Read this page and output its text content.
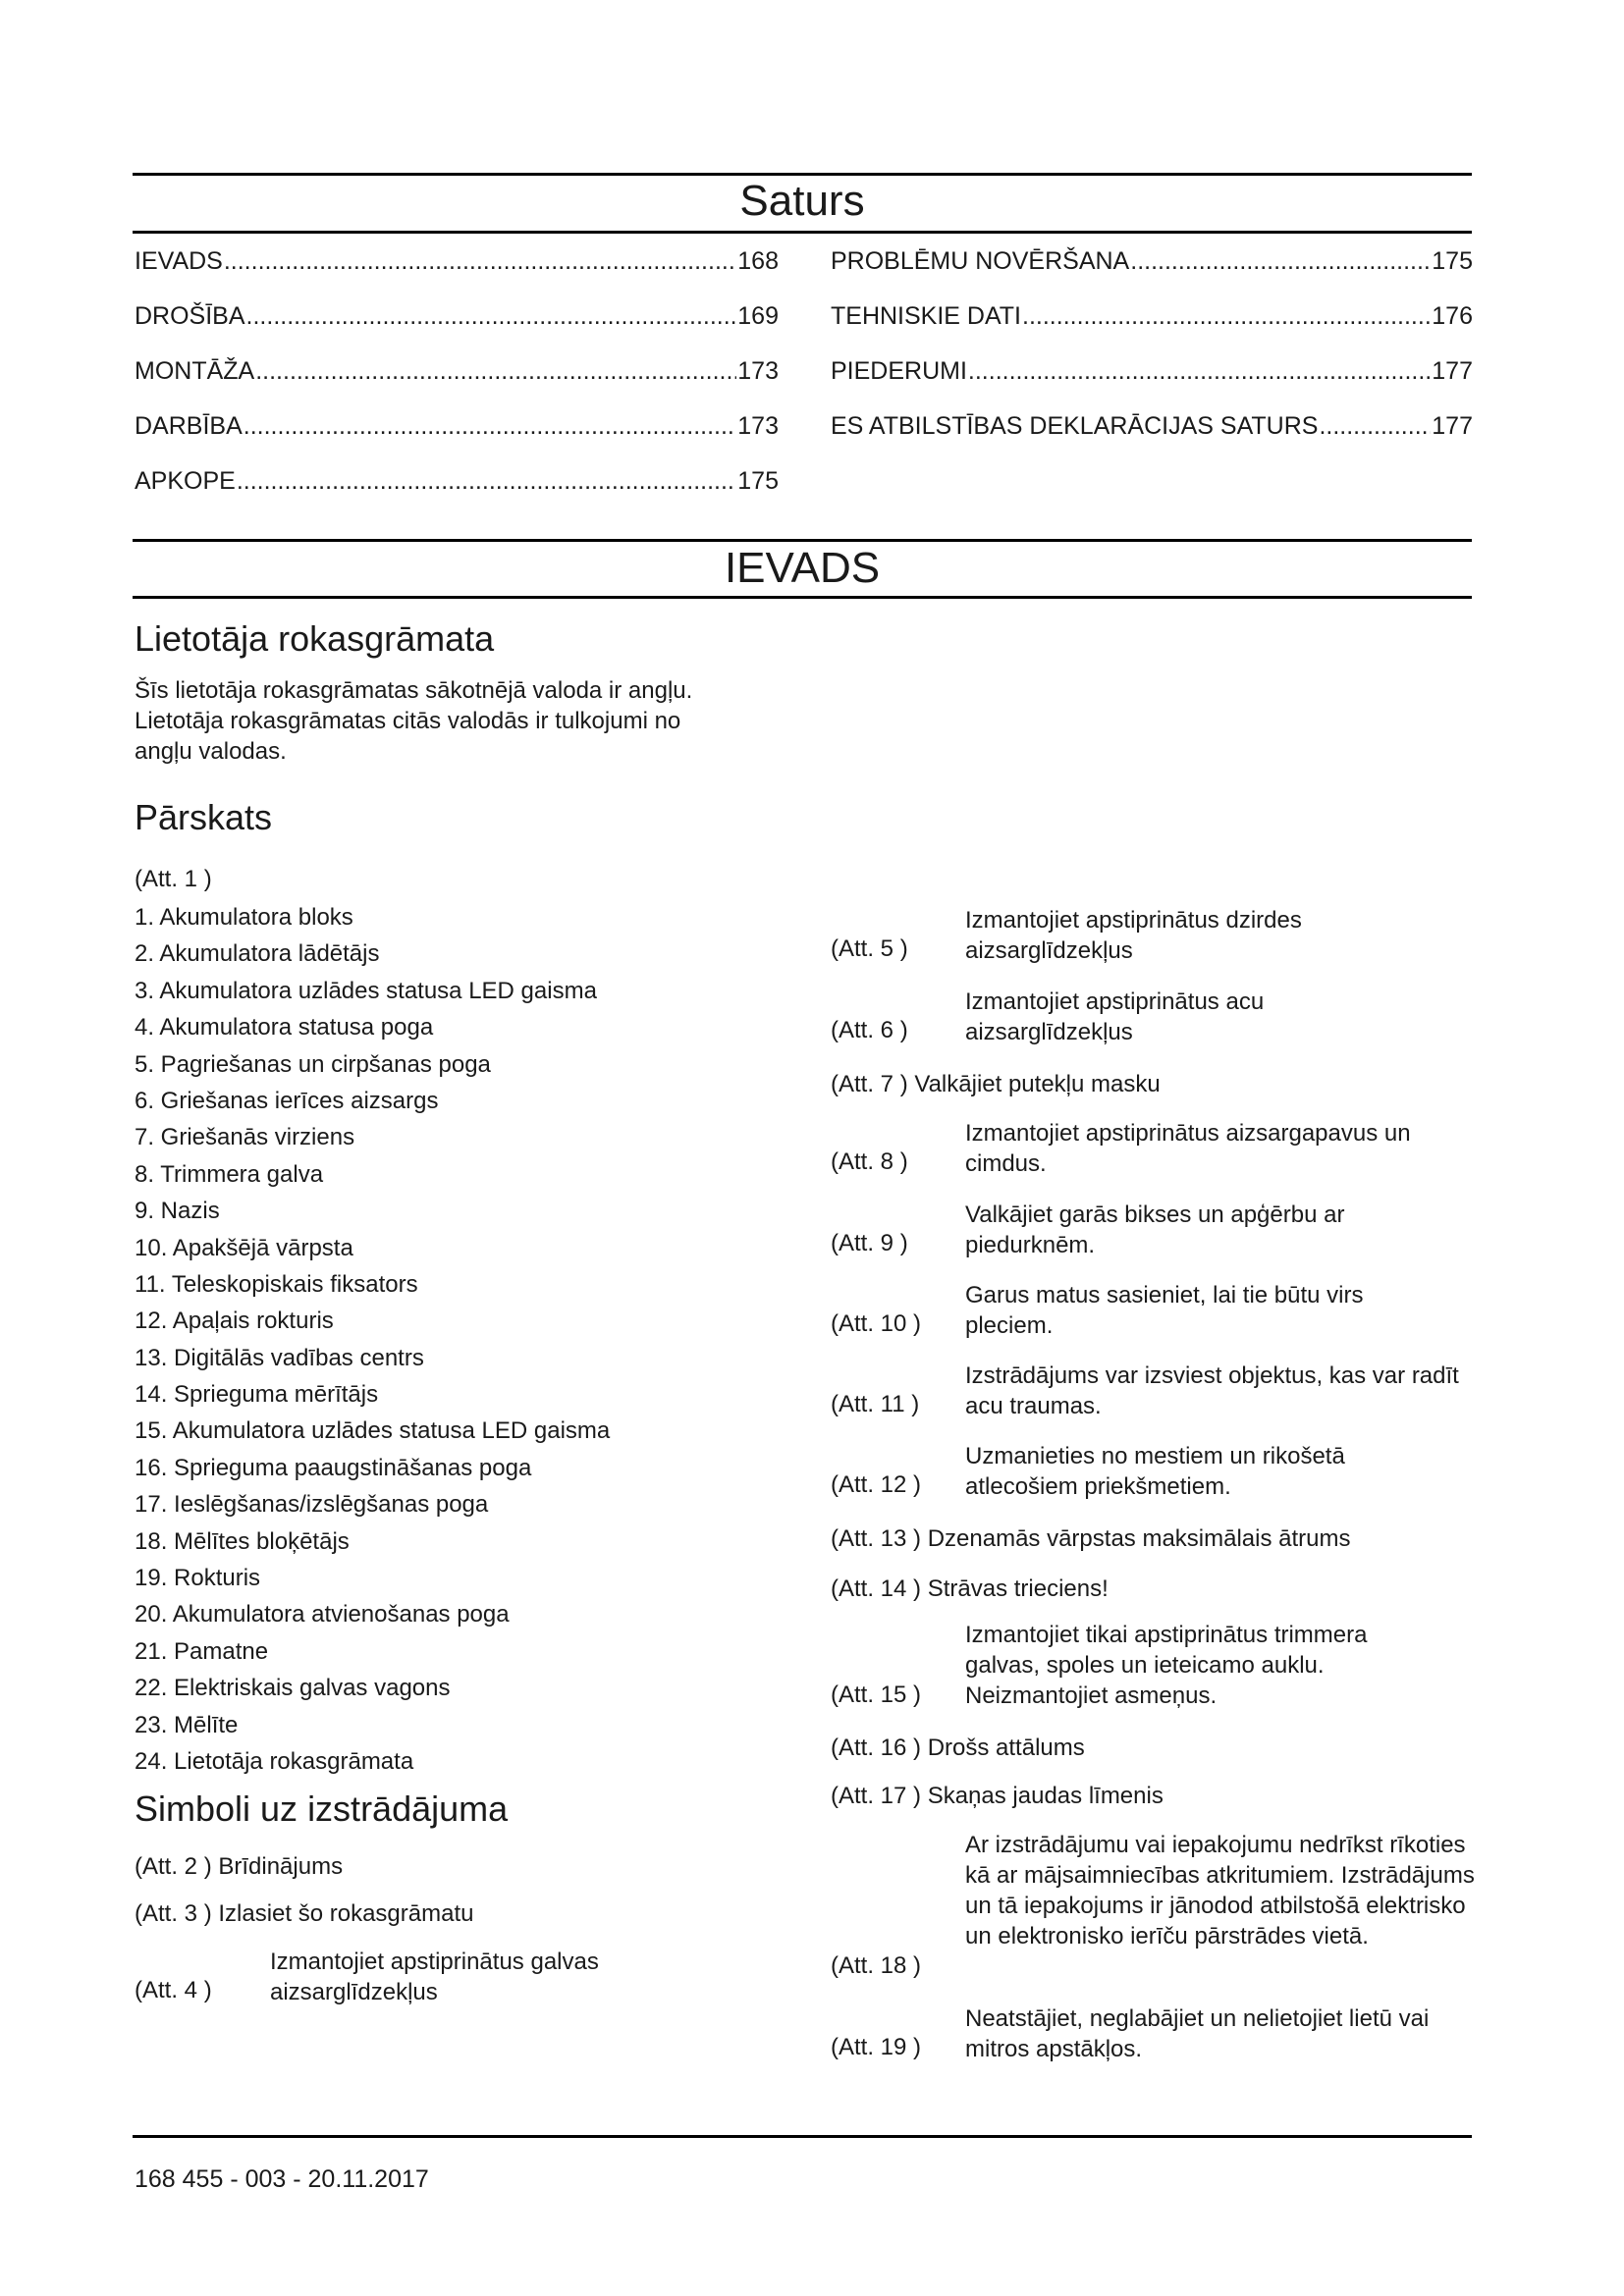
Saturs
IEVADS .....	168
DROŠĪBA .....	169
MONTĀŽA .....	173
DARBĪBA .....	173
APKOPE .....	175
PROBLĒMU NOVĒRŠANA .....	175
TEHNISKIE DATI .....	176
PIEDERUMI .....	177
ES ATBILSTĪBAS DEKLARĀCIJAS SATURS .....	177
IEVADS
Lietotāja rokasgrāmata
Šīs lietotāja rokasgrāmatas sākotnējā valoda ir angļu.
Lietotāja rokasgrāmatas citās valodās ir tulkojumi no
angļu valodas.
Pārskats
(Att. 1 )
1. Akumulatora bloks
2. Akumulatora lādētājs
3. Akumulatora uzlādes statusa LED gaisma
4. Akumulatora statusa poga
5. Pagriešanas un cirpšanas poga
6. Griešanas ierīces aizsargs
7. Griešanās virziens
8. Trimmera galva
9. Nazis
10. Apakšējā vārpsta
11. Teleskopiskais fiksators
12. Apaļais rokturis
13. Digitālās vadības centrs
14. Sprieguma mērītājs
15. Akumulatora uzlādes statusa LED gaisma
16. Sprieguma paaugstināšanas poga
17. Ieslēgšanas/izslēgšanas poga
18. Mēlītes bloķētājs
19. Rokturis
20. Akumulatora atvienošanas poga
21. Pamatne
22. Elektriskais galvas vagons
23. Mēlīte
24. Lietotāja rokasgrāmata
Simboli uz izstrādājuma
(Att. 2 ) Brīdinājums
(Att. 3 ) Izlasiet šo rokasgrāmatu
(Att. 4 )
Izmantojiet apstiprinātus galvas aizsarglīdzekļus
(Att. 5 )
Izmantojiet apstiprinātus dzirdes aizsarglīdzekļus
(Att. 6 )
Izmantojiet apstiprinātus acu aizsarglīdzekļus
(Att. 7 ) Valkājiet putekļu masku
(Att. 8 )
Izmantojiet apstiprinātus aizsargapavus un cimdus.
(Att. 9 )
Valkājiet garās bikses un apģērbu ar piedurknēm.
(Att. 10 )
Garus matus sasieniet, lai tie būtu virs pleciem.
(Att. 11 )
Izstrādājums var izsviest objektus, kas var radīt acu traumas.
(Att. 12 )
Uzmanieties no mestiem un rikošetā atlecošiem priekšmetiem.
(Att. 13 ) Dzenamās vārpstas maksimālais ātrums
(Att. 14 ) Strāvas trieciens!
(Att. 15 )
Izmantojiet tikai apstiprinātus trimmera galvas, spoles un ieteicamo auklu. Neizmantojiet asmeņus.
(Att. 16 ) Drošs attālums
(Att. 17 ) Skaņas jaudas līmenis
(Att. 18 )
Ar izstrādājumu vai iepakojumu nedrīkst rīkoties kā ar mājsaimniecības atkritumiem. Izstrādājums un tā iepakojums ir jānodod atbilstošā elektrisko un elektronisko ierīču pārstrādes vietā.
(Att. 19 )
Neatstājiet, neglabājiet un nelietojiet lietū vai mitros apstākļos.
168 455 - 003 - 20.11.2017
